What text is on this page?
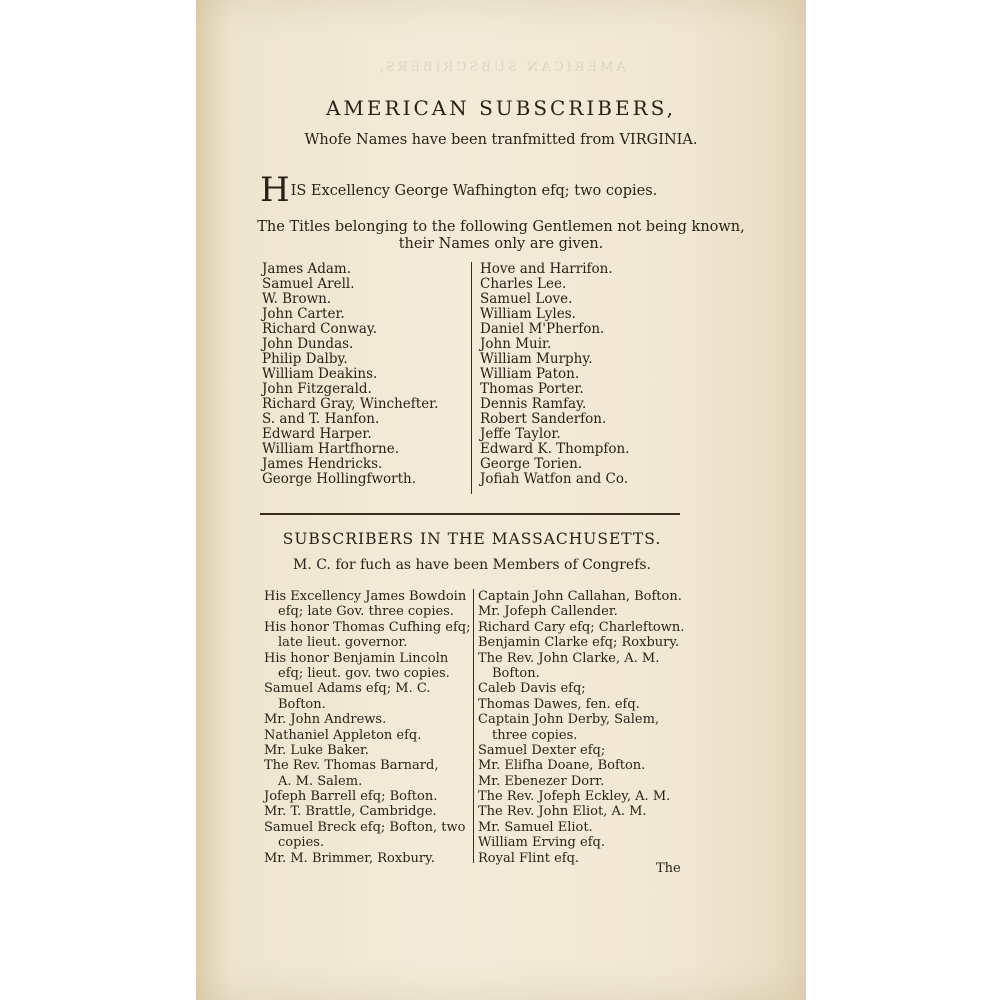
AMERICAN SUBSCRIBERS,
AMERICAN SUBSCRIBERS,
Whofe Names have been tranfmitted from VIRGINIA.
HIS Excellency George Wafhington efq; two copies.
The Titles belonging to the following Gentlemen not being known,
their Names only are given.
James Adam.
Samuel Arell.
W. Brown.
John Carter.
Richard Conway.
John Dundas.
Philip Dalby.
William Deakins.
John Fitzgerald.
Richard Gray, Winchefter.
S. and T. Hanfon.
Edward Harper.
William Hartfhorne.
James Hendricks.
George Hollingfworth.
Hove and Harrifon.
Charles Lee.
Samuel Love.
William Lyles.
Daniel M'Pherfon.
John Muir.
William Murphy.
William Paton.
Thomas Porter.
Dennis Ramfay.
Robert Sanderfon.
Jeffe Taylor.
Edward K. Thompfon.
George Torien.
Jofiah Watfon and Co.
SUBSCRIBERS IN THE MASSACHUSETTS.
M. C. for fuch as have been Members of Congrefs.
His Excellency James Bowdoin
efq; late Gov. three copies.
His honor Thomas Cufhing efq;
late lieut. governor.
His honor Benjamin Lincoln
efq; lieut. gov. two copies.
Samuel Adams efq; M. C.
Bofton.
Mr. John Andrews.
Nathaniel Appleton efq.
Mr. Luke Baker.
The Rev. Thomas Barnard,
A. M. Salem.
Jofeph Barrell efq; Bofton.
Mr. T. Brattle, Cambridge.
Samuel Breck efq; Bofton, two
copies.
Mr. M. Brimmer, Roxbury.
Captain John Callahan, Bofton.
Mr. Jofeph Callender.
Richard Cary efq; Charleftown.
Benjamin Clarke efq; Roxbury.
The Rev. John Clarke, A. M.
Bofton.
Caleb Davis efq;
Thomas Dawes, fen. efq.
Captain John Derby, Salem,
three copies.
Samuel Dexter efq;
Mr. Elifha Doane, Bofton.
Mr. Ebenezer Dorr.
The Rev. Jofeph Eckley, A. M.
The Rev. John Eliot, A. M.
Mr. Samuel Eliot.
William Erving efq.
Royal Flint efq.
The
